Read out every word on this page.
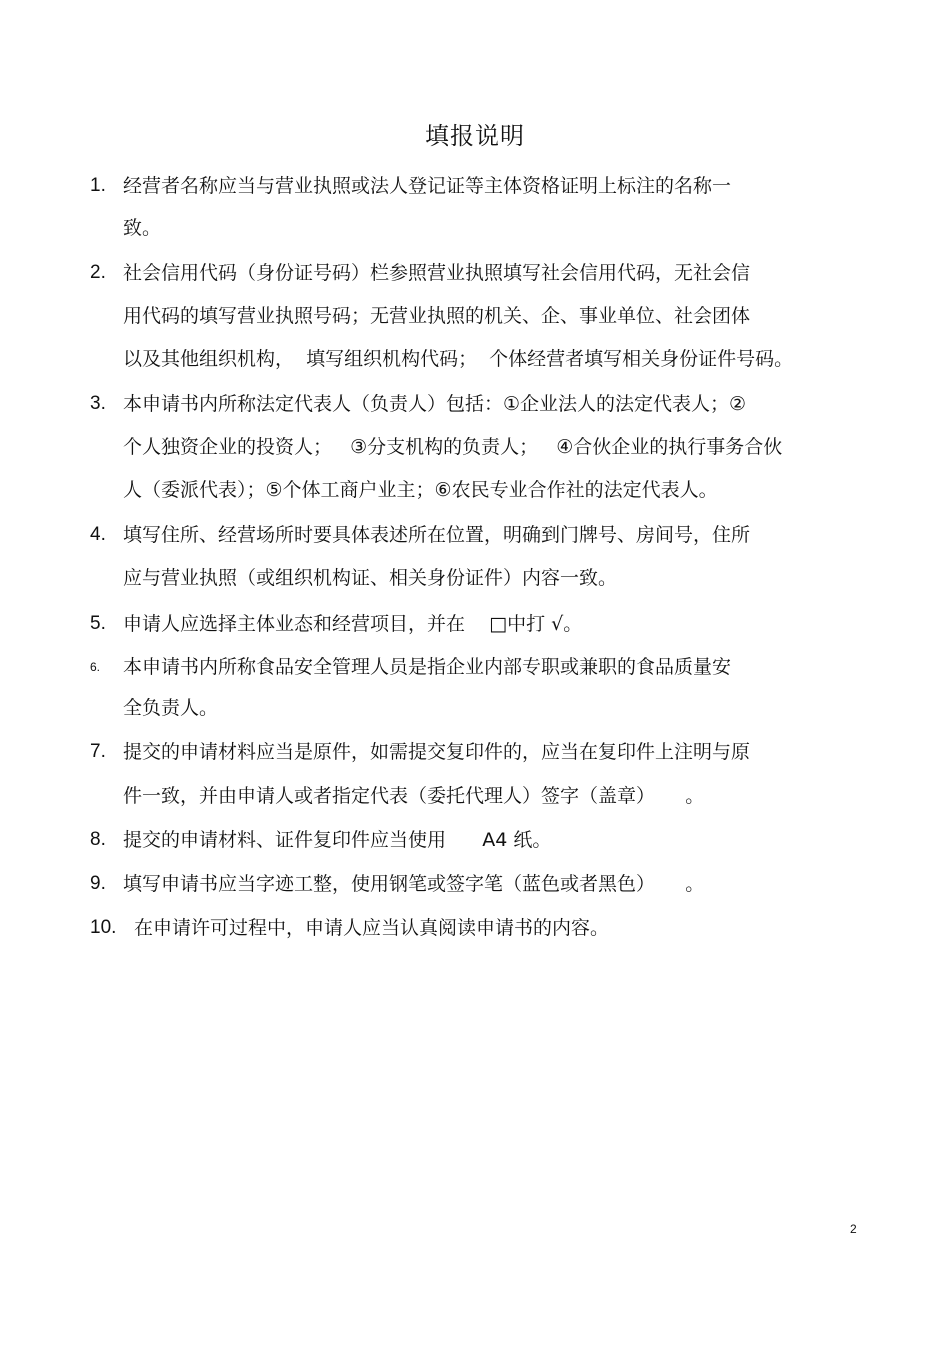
填报说明
1. 经营者名称应当与营业执照或法人登记证等主体资格证明上标注的名称一
致。
2. 社会信用代码（身份证号码）栏参照营业执照填写社会信用代码，无社会信
用代码的填写营业执照号码；无营业执照的机关、企、事业单位、社会团体
以及其他组织机构，  填写组织机构代码；  个体经营者填写相关身份证件号码。
3. 本申请书内所称法定代表人（负责人）包括：①企业法人的法定代表人；②
个人独资企业的投资人；   ③分支机构的负责人；   ④合伙企业的执行事务合伙
人（委派代表）；⑤个体工商户业主；⑥农民专业合作社的法定代表人。
4. 填写住所、经营场所时要具体表述所在位置，明确到门牌号、房间号，住所
应与营业执照（或组织机构证、相关身份证件）内容一致。
5. 申请人应选择主体业态和经营项目，并在    □中打 √。
6. 本申请书内所称食品安全管理人员是指企业内部专职或兼职的食品质量安
全负责人。
7. 提交的申请材料应当是原件，如需提交复印件的，应当在复印件上注明与原
件一致，并由申请人或者指定代表（委托代理人）签字（盖章）     。
8. 提交的申请材料、证件复印件应当使用      A4 纸。
9. 填写申请书应当字迹工整，使用钢笔或签字笔（蓝色或者黑色）     。
10. 在申请许可过程中，申请人应当认真阅读申请书的内容。
2
